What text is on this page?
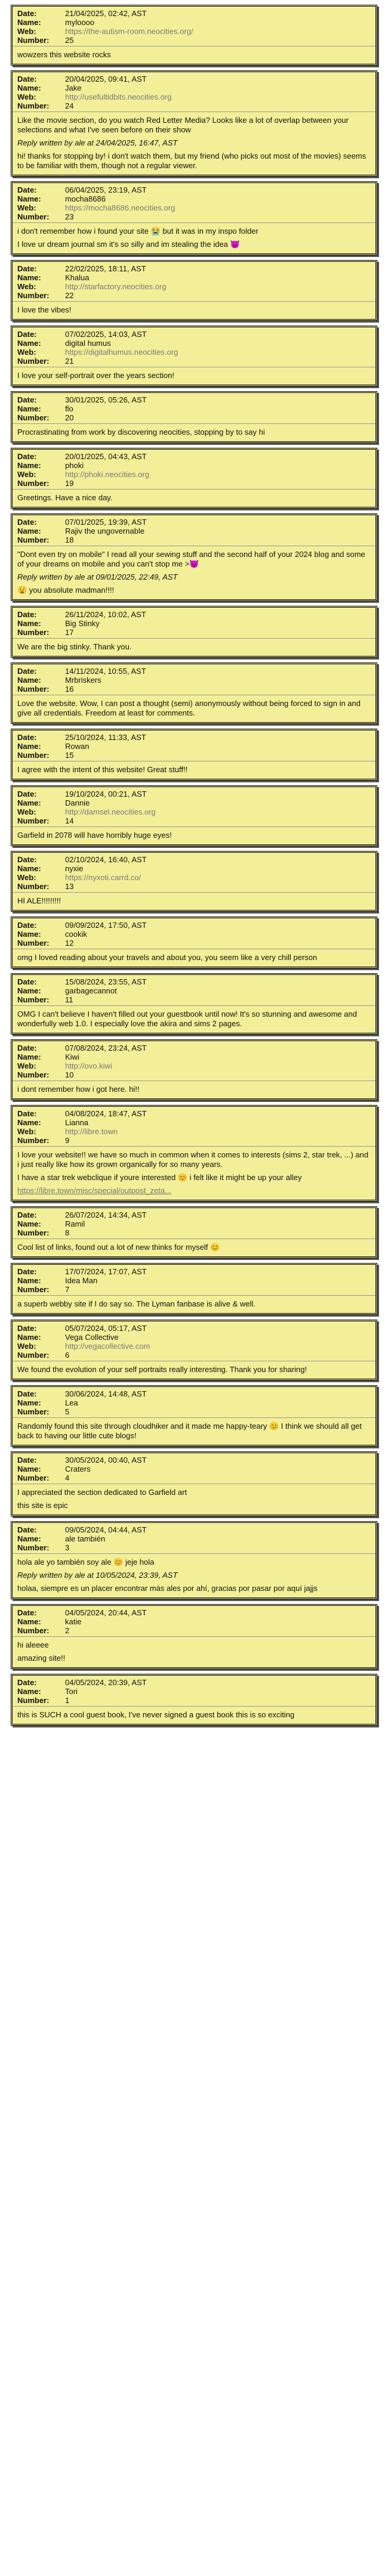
Date:	21/04/2025, 02:42, AST
Name:	myloooo
Web:	https://the-autism-room.neocities.org/
Number:	25

wowzers this website rocks

Date:	20/04/2025, 09:41, AST
Name:	Jake
Web:	http://usefultidbits.neocities.org
Number:	24

Like the movie section, do you watch Red Letter Media? Looks like a lot of overlap between your selections and what I've seen before on their show

Reply written by ale at 24/04/2025, 16:47, AST

hi! thanks for stopping by! i don't watch them, but my friend (who picks out most of the movies) seems to be familiar with them, though not a regular viewer.

Date:	06/04/2025, 23:19, AST
Name:	mocha8686
Web:	https://mocha8686.neocities.org
Number:	23

i don't remember how i found your site 😭 but it was in my inspo folder

I love ur dream journal sm it's so silly and im stealing the idea 😈

Date:	22/02/2025, 18:11, AST
Name:	Khalua
Web:	http://starfactory.neocities.org
Number:	22

I love the vibes!

Date:	07/02/2025, 14:03, AST
Name:	digital humus
Web:	https://digitalhumus.neocities.org
Number:	21

I love your self-portrait over the years section!

Date:	30/01/2025, 05:26, AST
Name:	flo
Number:	20

Procrastinating from work by discovering neocities, stopping by to say hi

Date:	20/01/2025, 04:43, AST
Name:	phoki
Web:	http://phoki.neocities.org
Number:	19

Greetings. Have a nice day.

Date:	07/01/2025, 19:39, AST
Name:	Rajiv the ungovernable
Number:	18

"Dont even try on mobile" I read all your sewing stuff and the second half of your 2024 blog and some of your dreams on mobile and you can't stop me >😈

Reply written by ale at 09/01/2025, 22:49, AST

😧 you absolute madman!!!!

Date:	26/11/2024, 10:02, AST
Name:	Big Stinky
Number:	17

We are the big stinky. Thank you.

Date:	14/11/2024, 10:55, AST
Name:	Mrbriskers
Number:	16

Love the website. Wow, I can post a thought (semi) anonymously without being forced to sign in and give all credentials. Freedom at least for comments.

Date:	25/10/2024, 11:33, AST
Name:	Rowan
Number:	15

I agree with the intent of this website! Great stuff!!

Date:	19/10/2024, 00:21, AST
Name:	Dannie
Web:	http://damsel.neocities.org
Number:	14

Garfield in 2078 will have horribly huge eyes!

Date:	02/10/2024, 16:40, AST
Name:	nyxie
Web:	https://nyxoti.carrd.co/
Number:	13

HI ALE!!!!!!!!!

Date:	09/09/2024, 17:50, AST
Name:	cookik
Number:	12

omg I loved reading about your travels and about you, you seem like a very chill person

Date:	15/08/2024, 23:55, AST
Name:	garbagecannot
Number:	11

OMG I can't believe I haven't filled out your guestbook until now! It's so stunning and awesome and wonderfully web 1.0. I especially love the akira and sims 2 pages.

Date:	07/08/2024, 23:24, AST
Name:	Kiwi
Web:	http://ovo.kiwi
Number:	10

i dont remember how i got here. hi!!

Date:	04/08/2024, 18:47, AST
Name:	Lianna
Web:	http://libre.town
Number:	9

I love your website!! we have so much in common when it comes to interests (sims 2, star trek, ...) and i just really like how its grown organically for so many years.

I have a star trek webclique if youre interested 😊 i felt like it might be up your alley

https://libre.town/misc/special/outpost_zeta...

Date:	26/07/2024, 14:34, AST
Name:	Ramil
Number:	8

Cool list of links, found out a lot of new thinks for myself 😊

Date:	17/07/2024, 17:07, AST
Name:	Idea Man
Number:	7

a superb webby site if I do say so. The Lyman fanbase is alive & well.

Date:	05/07/2024, 05:17, AST
Name:	Vega Collective
Web:	http://vegacollective.com
Number:	6

We found the evolution of your self portraits really interesting. Thank you for sharing!

Date:	30/06/2024, 14:48, AST
Name:	Lea
Number:	5

Randomly found this site through cloudhiker and it made me happy-teary 😊 I think we should all get back to having our little cute blogs!

Date:	30/05/2024, 00:40, AST
Name:	Craters
Number:	4

I appreciated the section dedicated to Garfield art

this site is epic

Date:	09/05/2024, 04:44, AST
Name:	ale también
Number:	3

hola ale yo también soy ale 😊 jeje hola

Reply written by ale at 10/05/2024, 23:39, AST

holaa, siempre es un placer encontrar más ales por ahí, gracias por pasar por aquí jajjs

Date:	04/05/2024, 20:44, AST
Name:	katie
Number:	2

hi aleeee

amazing site!!

Date:	04/05/2024, 20:39, AST
Name:	Tori
Number:	1

this is SUCH a cool guest book, I've never signed a guest book this is so exciting
